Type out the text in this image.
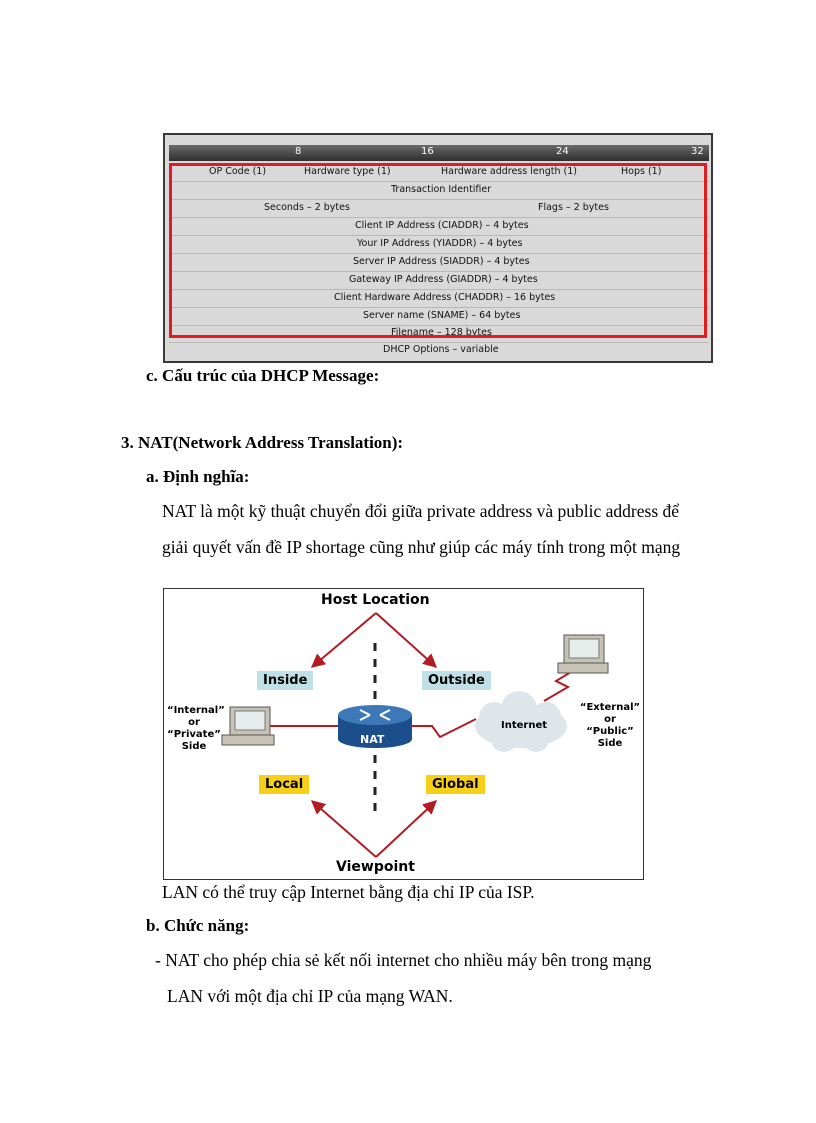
8	16	24	32
OP Code (1)	Hardware type (1)	Hardware address length (1)	Hops (1)
Transaction Identifier
Seconds – 2 bytes	Flags – 2 bytes
Client IP Address (CIADDR) – 4 bytes
Your IP Address (YIADDR) – 4 bytes
Server IP Address (SIADDR) – 4 bytes
Gateway IP Address (GIADDR) – 4 bytes
Client Hardware Address (CHADDR) – 16 bytes
Server name (SNAME) – 64 bytes
Filename – 128 bytes
DHCP Options – variable
c. Cấu trúc của DHCP Message:
3. NAT(Network Address Translation):
a. Định nghĩa:
NAT là một kỹ thuật chuyển đổi giữa private address và public address để
giải quyết vấn đề IP shortage cũng như giúp các máy tính trong một mạng
Host Location
Inside	Outside
“Internal”
or
“Private”
Side
“External”
or
“Public”
Side
NAT
Internet
Local	Global
Viewpoint
LAN có thể truy cập Internet bằng địa chỉ IP của ISP.
b. Chức năng:
- NAT cho phép chia sẻ kết nối internet cho nhiều máy bên trong mạng
LAN với một địa chỉ IP của mạng WAN.
